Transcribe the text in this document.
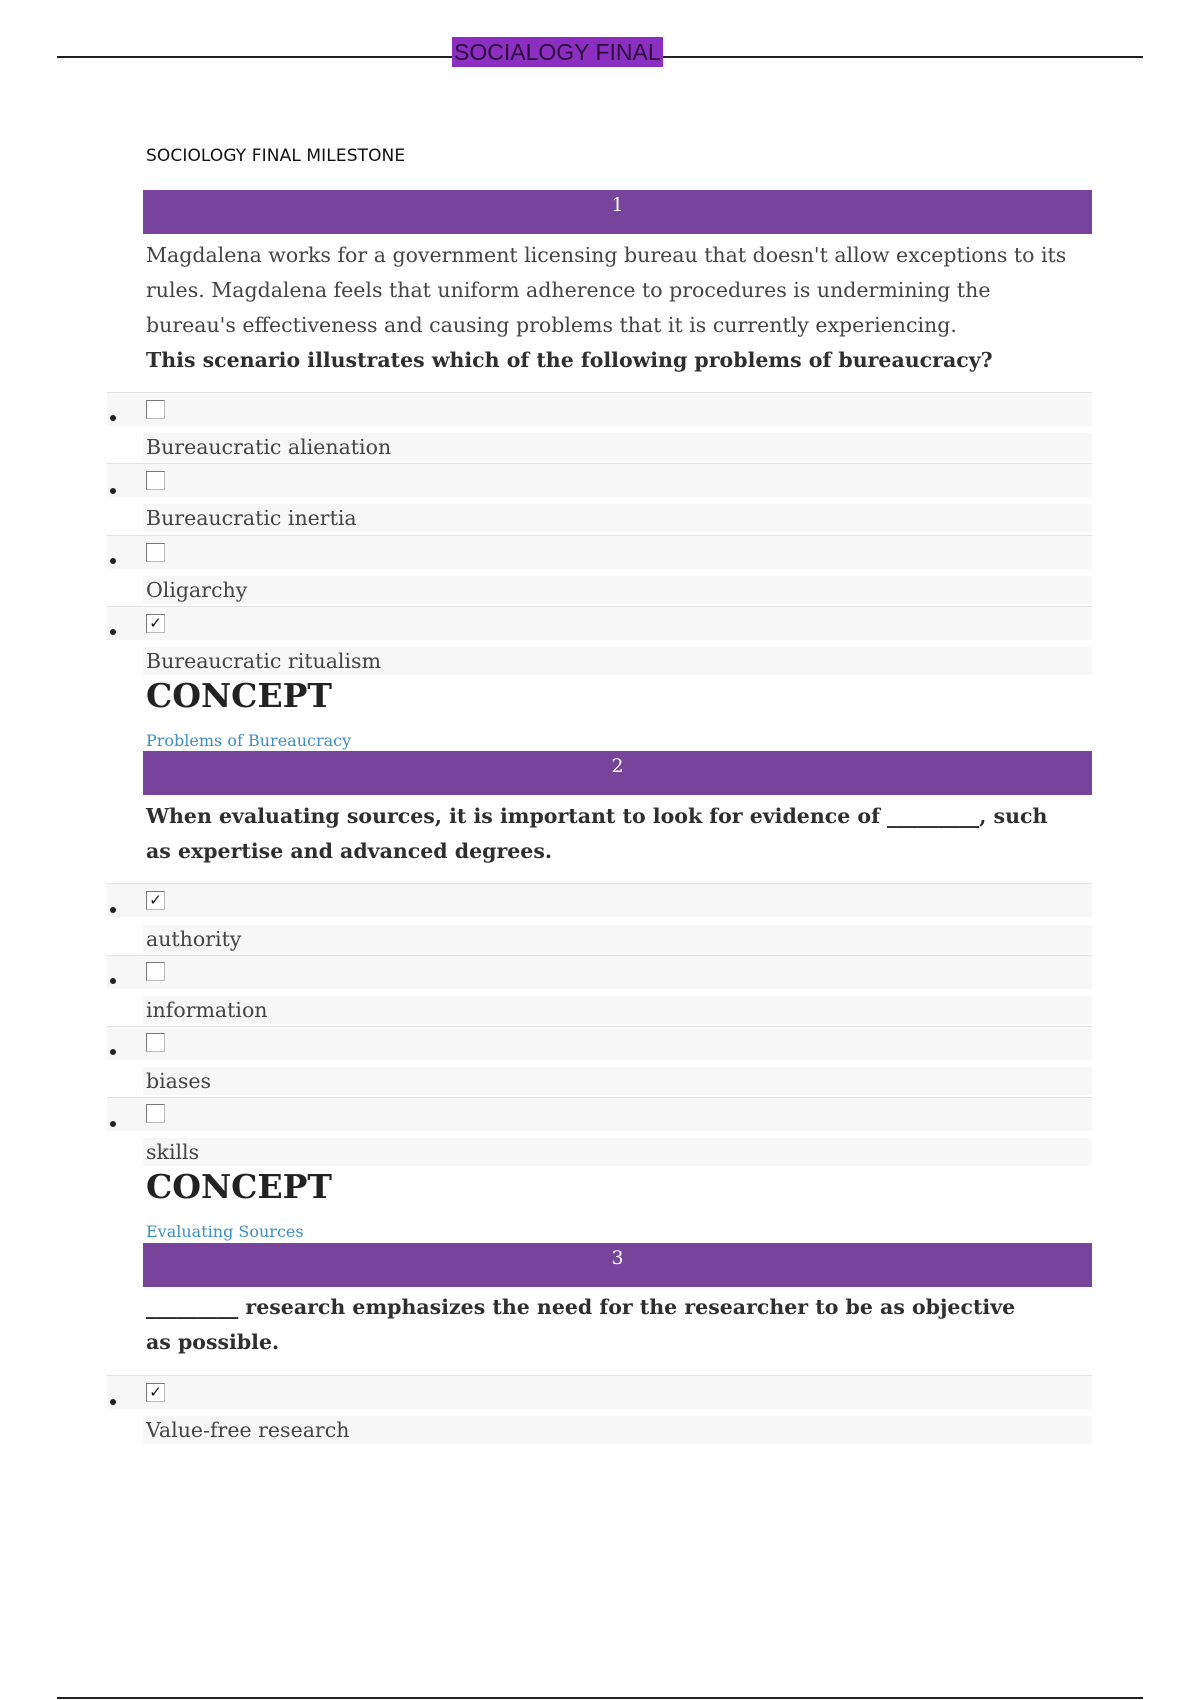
SOCIALOGY FINAL
SOCIOLOGY FINAL MILESTONE
1
Magdalena works for a government licensing bureau that doesn't allow exceptions to its rules. Magdalena feels that uniform adherence to procedures is undermining the bureau's effectiveness and causing problems that it is currently experiencing.
This scenario illustrates which of the following problems of bureaucracy?
Bureaucratic alienation
Bureaucratic inertia
Oligarchy
✓
Bureaucratic ritualism
CONCEPT
Problems of Bureaucracy
2
When evaluating sources, it is important to look for evidence of _________, such as expertise and advanced degrees.
✓
authority
information
biases
skills
CONCEPT
Evaluating Sources
3
_________ research emphasizes the need for the researcher to be as objective as possible.
✓
Value-free research
